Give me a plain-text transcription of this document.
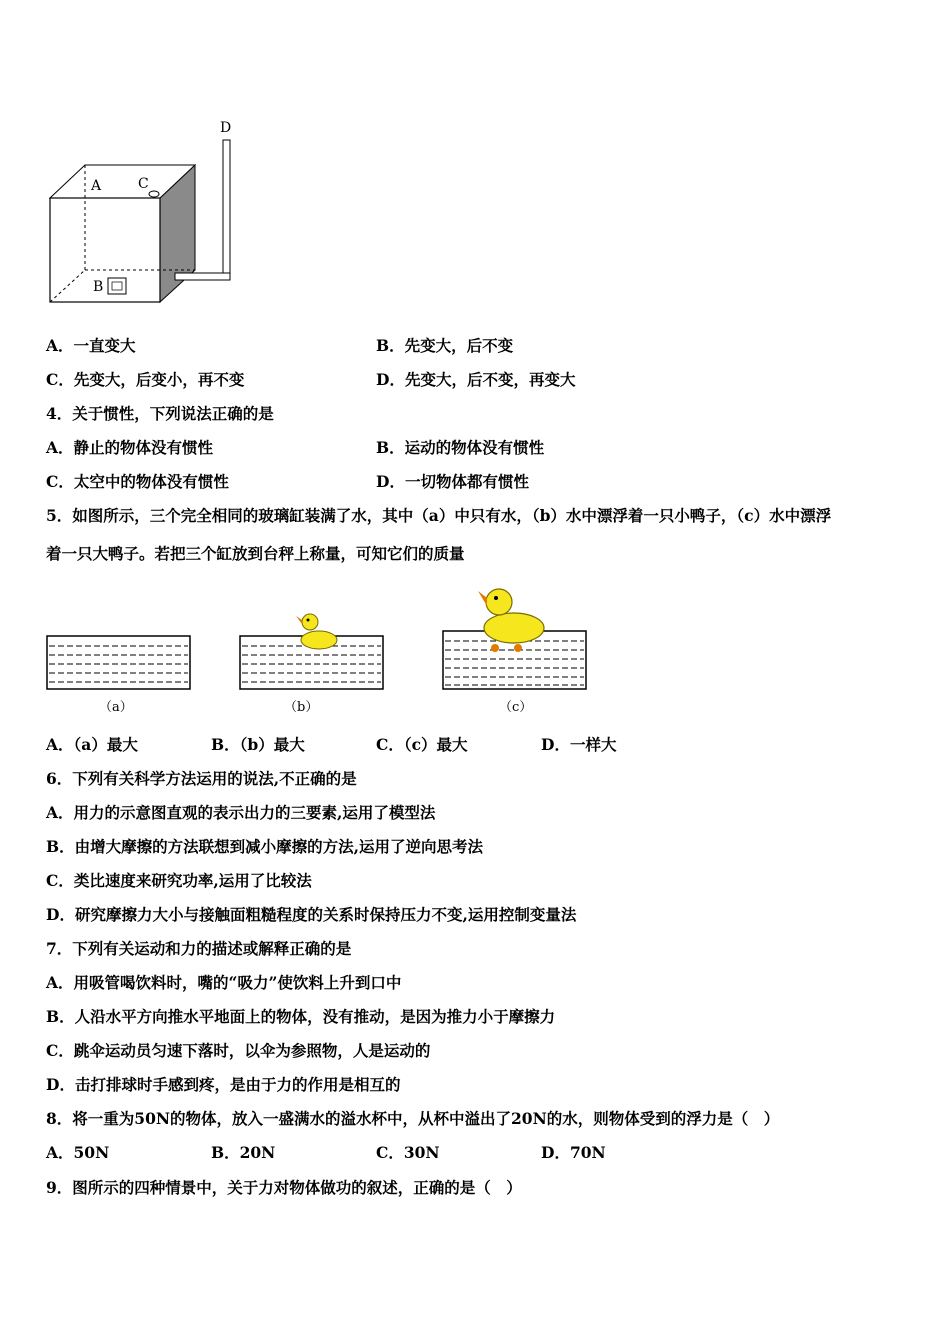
A	C
B
D
A．一直变大	B．先变大，后不变
C．先变大，后变小，再不变	D．先变大，后不变，再变大
4．关于惯性，下列说法正确的是
A．静止的物体没有惯性	B．运动的物体没有惯性
C．太空中的物体没有惯性	D．一切物体都有惯性
5．如图所示，三个完全相同的玻璃缸装满了水，其中（a）中只有水，（b）水中漂浮着一只小鸭子，（c）水中漂浮
着一只大鸭子。若把三个缸放到台秤上称量，可知它们的质量
（a）	（b）	（c）
A．（a）最大	B．（b）最大	C．（c）最大	D．一样大
6．下列有关科学方法运用的说法,不正确的是
A．用力的示意图直观的表示出力的三要素,运用了模型法
B．由增大摩擦的方法联想到减小摩擦的方法,运用了逆向思考法
C．类比速度来研究功率,运用了比较法
D．研究摩擦力大小与接触面粗糙程度的关系时保持压力不变,运用控制变量法
7．下列有关运动和力的描述或解释正确的是
A．用吸管喝饮料时，嘴的“吸力”使饮料上升到口中
B．人沿水平方向推水平地面上的物体，没有推动，是因为推力小于摩擦力
C．跳伞运动员匀速下落时，以伞为参照物，人是运动的
D．击打排球时手感到疼，是由于力的作用是相互的
8．将一重为50N的物体，放入一盛满水的溢水杯中，从杯中溢出了20N的水，则物体受到的浮力是（　）
A．50N	B．20N	C．30N	D．70N
9．图所示的四种情景中，关于力对物体做功的叙述，正确的是（　）
